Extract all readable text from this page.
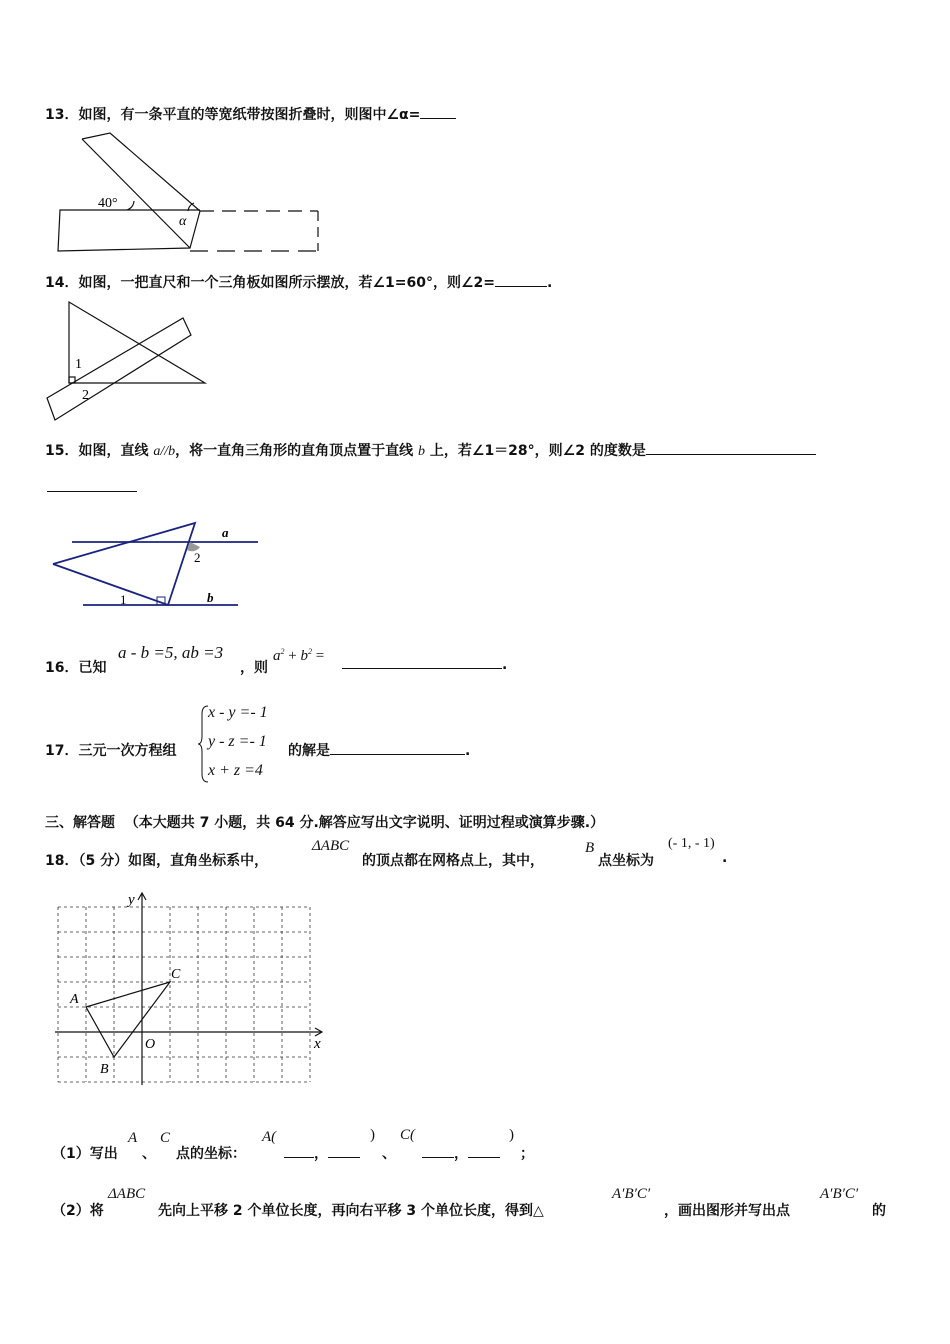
13．如图，有一条平直的等宽纸带按图折叠时，则图中∠α=
40°
α
14．如图，一把直尺和一个三角板如图所示摆放，若∠1=60°，则∠2=	.
1
2
15．如图，直线 a//b，将一直角三角形的直角顶点置于直线 b 上，若∠1＝28°，则∠2 的度数是
a
b
1
2
16．已知
a - b =5, ab =3
，则
$a^2 + b^2$ =
.
17．三元一次方程组
x - y =- 1
y - z =- 1
x + z =4
的解是	.
三、解答题 （本大题共 7 小题，共 64 分.解答应写出文字说明、证明过程或演算步骤.）
18．（5 分）如图，直角坐标系中，
ΔABC
的顶点都在网格点上，其中，
B
点坐标为
(- 1, - 1)
.
y
x
O
A
B
C
（1）写出
A
、
C
点的坐标：
A(
，
)
、
C(
，
)
；
（2）将
ΔABC
先向上平移 2 个单位长度，再向右平移 3 个单位长度，得到△
A′B′C′
，画出图形并写出点
A′B′C′
的
